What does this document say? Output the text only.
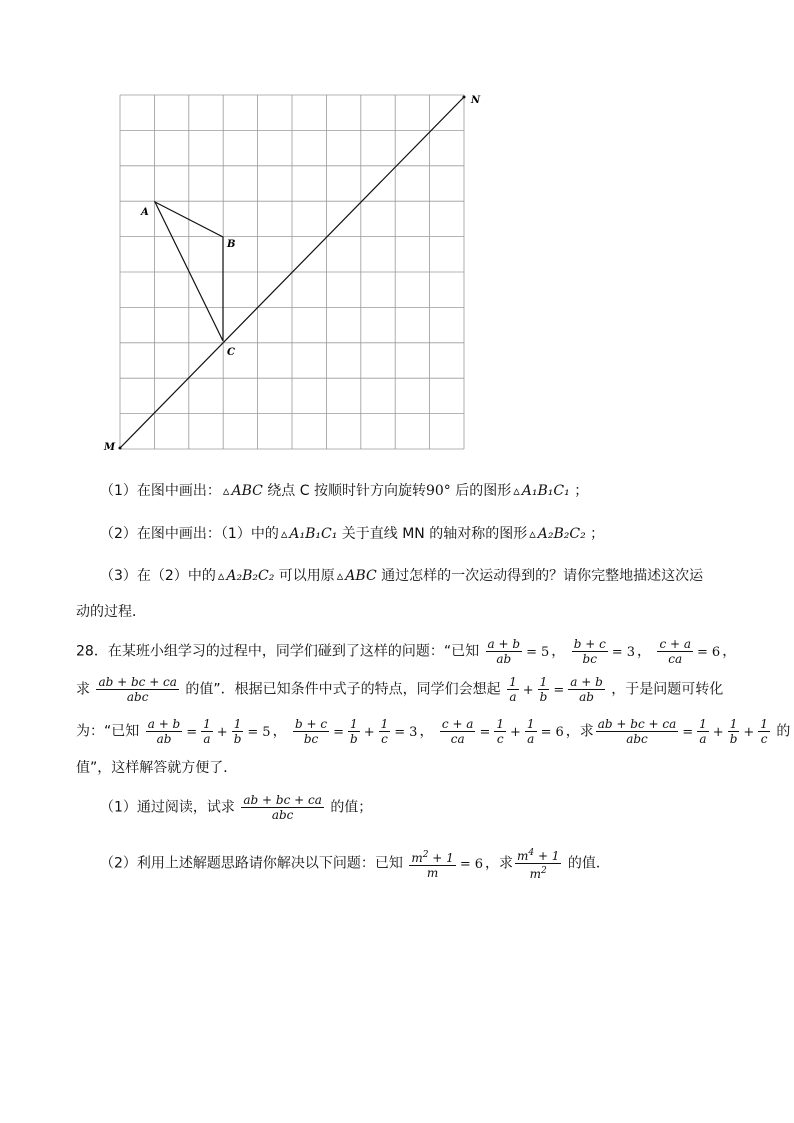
A
B
C
M
N
（1）在图中画出： ▵ ABC 绕点 C 按顺时针方向旋转90° 后的图形 ▵ A₁B₁C₁ ；
（2）在图中画出：（1）中的 ▵ A₁B₁C₁ 关于直线 MN 的轴对称的图形 ▵ A₂B₂C₂ ；
（3）在（2）中的 ▵ A₂B₂C₂ 可以用原 ▵ ABC 通过怎样的一次运动得到的？请你完整地描述这次运
动的过程．
28．在某班小组学习的过程中，同学们碰到了这样的问题：“已知 $\frac{a + b}{ab} = 5$ ， $\frac{b + c}{bc} = 3$ ， $\frac{c + a}{ca} = 6$ ，
求 $\frac{ab + bc + ca}{\text{abc}}$ 的值”．根据已知条件中式子的特点，同学们会想起 $\frac{1}{a} + \frac{1}{b} = \frac{a + b}{ab}$ ，于是问题可转化
为：“已知 $\frac{a + b}{ab} = \frac{1}{a} + \frac{1}{b} = 5$ ， $\frac{b + c}{bc} = \frac{1}{b} + \frac{1}{c} = 3$ ， $\frac{c + a}{ca} = \frac{1}{c} + \frac{1}{a} = 6$ ，求 $\frac{ab + bc + ca}{\text{abc}} = \frac{1}{a} + \frac{1}{b} + \frac{1}{c}$ 的
值”，这样解答就方便了．
（1）通过阅读，试求 $\frac{ab + bc + ca}{\text{abc}}$ 的值；
（2）利用上述解题思路请你解决以下问题：已知 $\frac{m^2 + 1}{m} = 6$ ，求 $\frac{m^4 + 1}{m^2}$ 的值．
